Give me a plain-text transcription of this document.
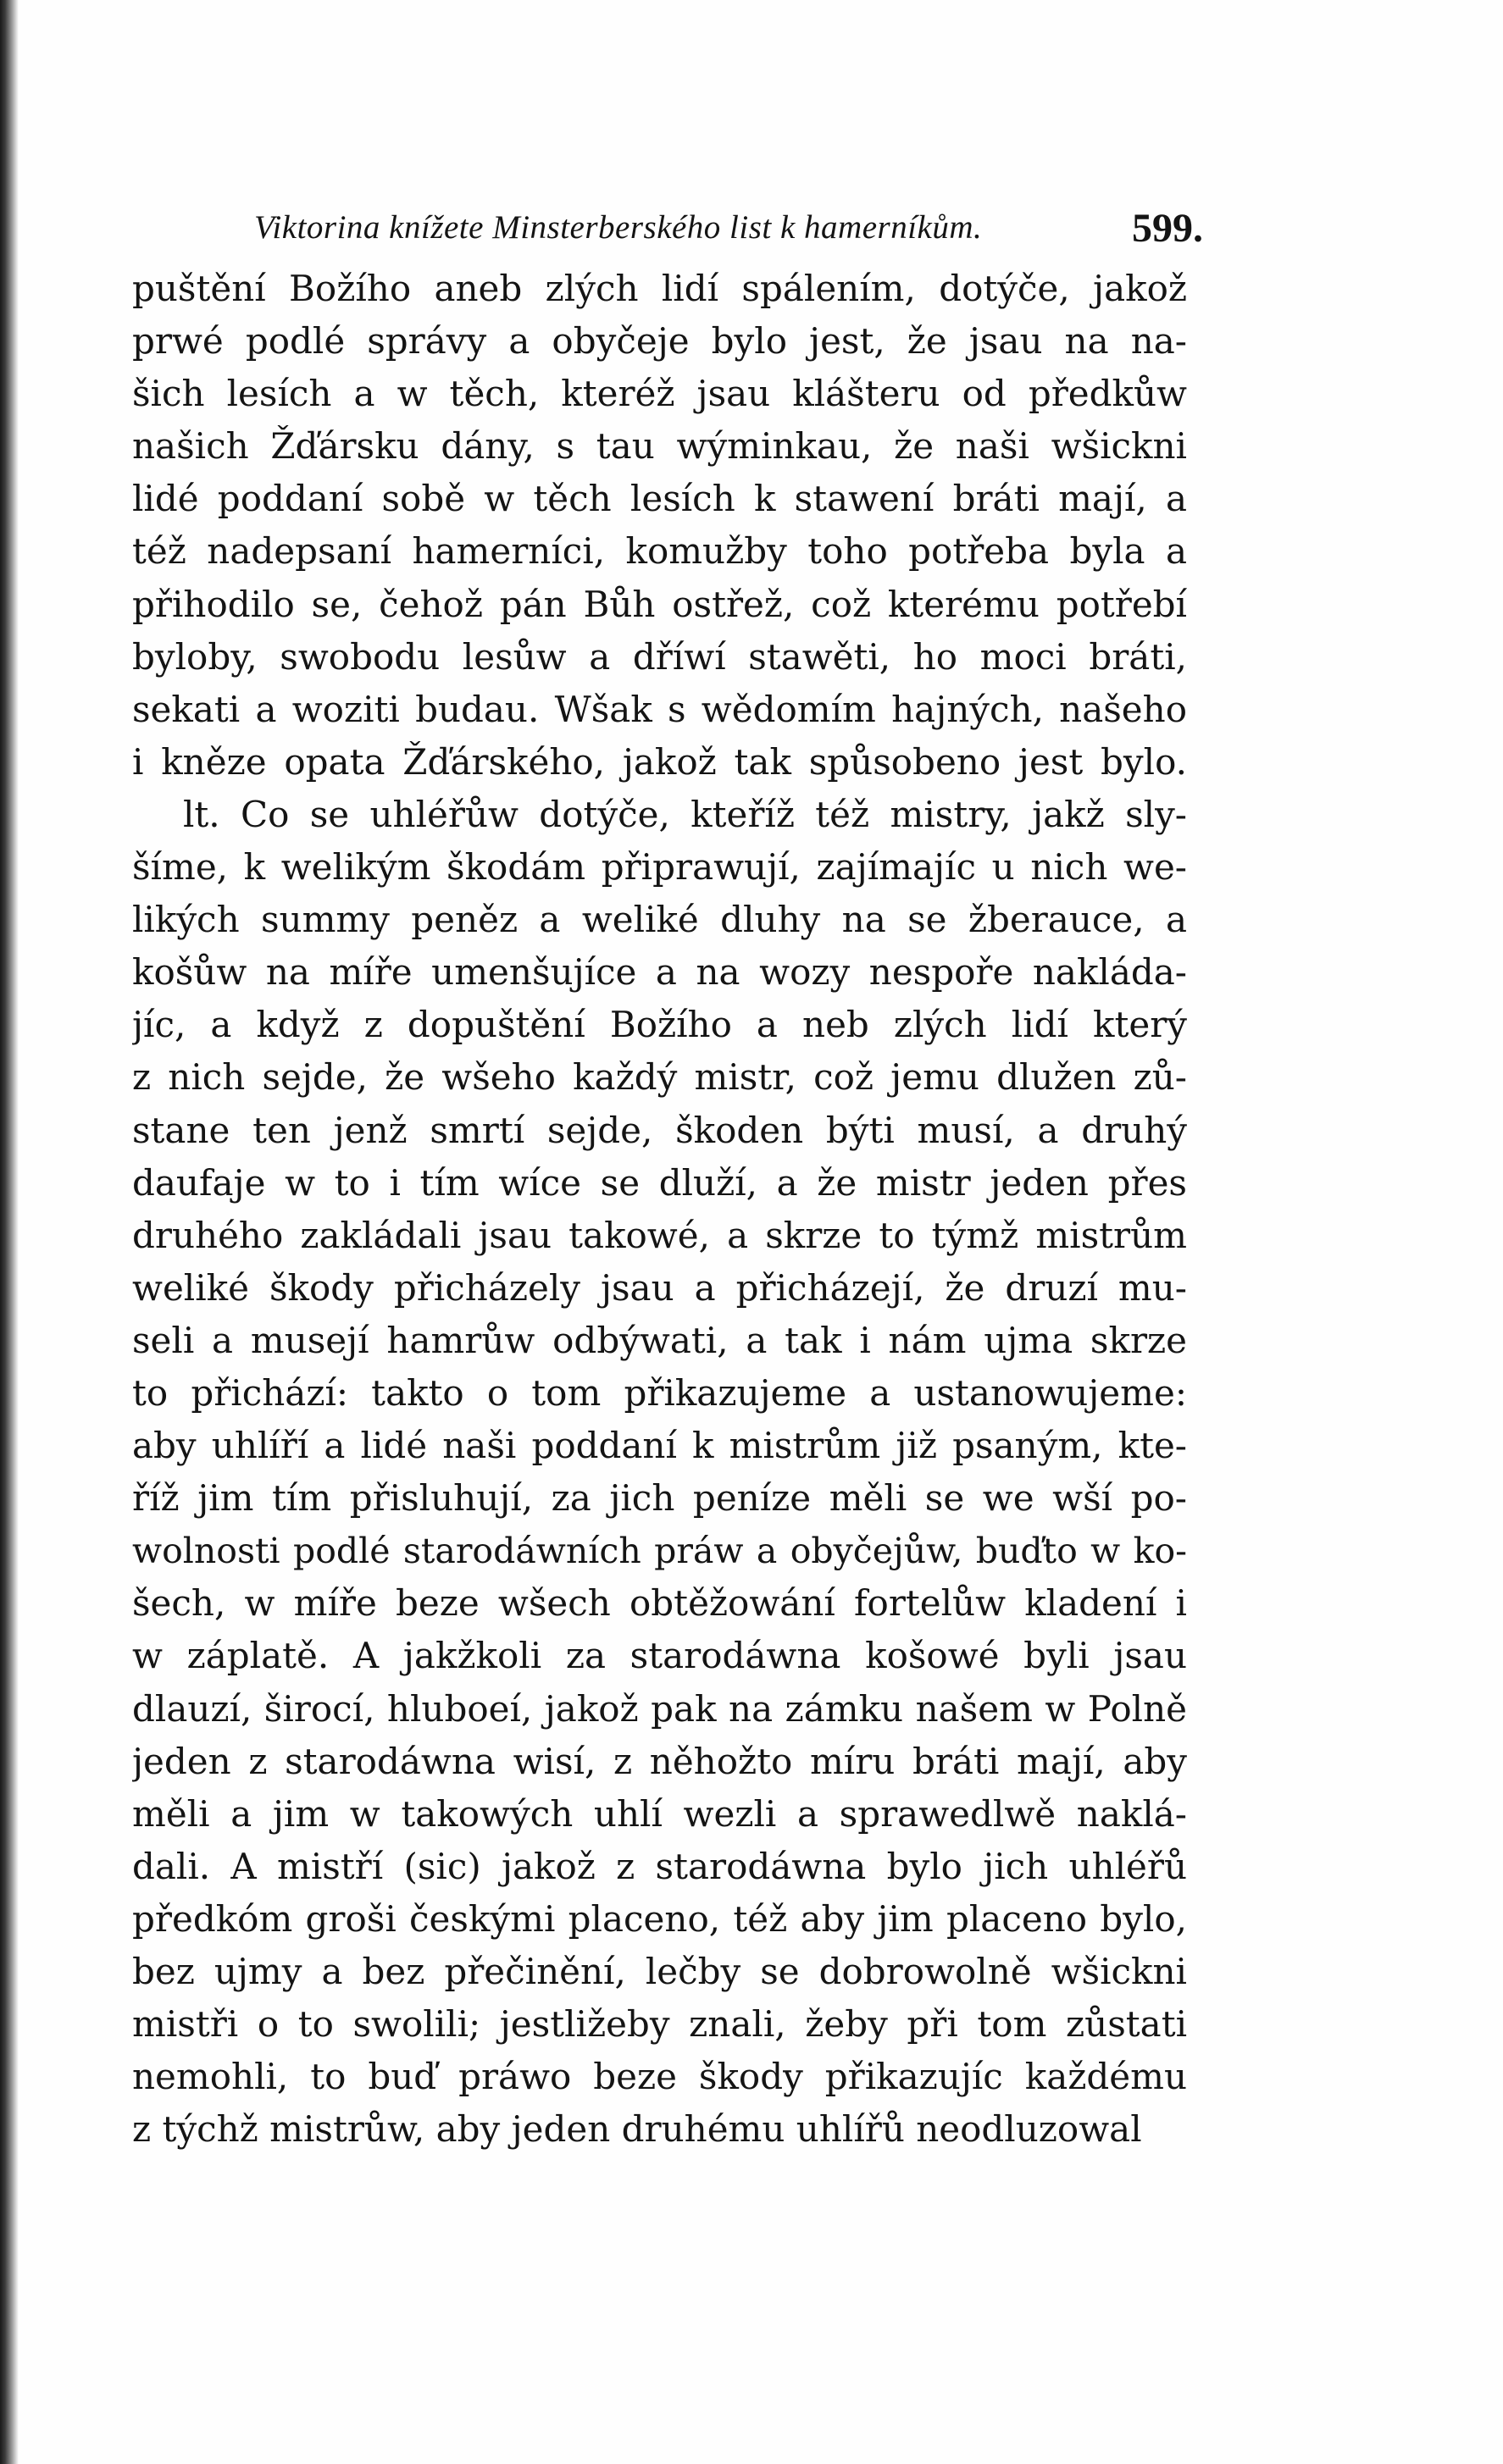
Viktorina knížete Minsterberského list k hamerníkům.	599.
puštění Božího aneb zlých lidí spálením, dotýče, jakož
prwé podlé správy a obyčeje bylo jest, že jsau na na-
šich lesích a w těch, kteréž jsau klášteru od předkůw
našich Žďársku dány, s tau wýminkau, že naši wšickni
lidé poddaní sobě w těch lesích k stawení bráti mají, a
též nadepsaní hamerníci, komužby toho potřeba byla a
přihodilo se, čehož pán Bůh ostřež, což kterému potřebí
byloby, swobodu lesůw a dříwí stawěti, ho moci bráti,
sekati a woziti budau. Wšak s wědomím hajných, našeho
i kněze opata Žďárského, jakož tak spůsobeno jest bylo.
lt. Co se uhléřůw dotýče, kteříž též mistry, jakž sly-
šíme, k welikým škodám připrawují, zajímajíc u nich we-
likých summy peněz a weliké dluhy na se žberauce, a
košůw na míře umenšujíce a na wozy nespoře nakláda-
jíc, a když z dopuštění Božího a neb zlých lidí který
z nich sejde, že wšeho každý mistr, což jemu dlužen zů-
stane ten jenž smrtí sejde, škoden býti musí, a druhý
daufaje w to i tím wíce se dluží, a že mistr jeden přes
druhého zakládali jsau takowé, a skrze to týmž mistrům
weliké škody přicházely jsau a přicházejí, že druzí mu-
seli a musejí hamrůw odbýwati, a tak i nám ujma skrze
to přichází: takto o tom přikazujeme a ustanowujeme:
aby uhlíří a lidé naši poddaní k mistrům již psaným, kte-
říž jim tím přisluhují, za jich peníze měli se we wší po-
wolnosti podlé starodáwních práw a obyčejůw, buďto w ko-
šech, w míře beze wšech obtěžowání fortelůw kladení i
w záplatě. A jakžkoli za starodáwna košowé byli jsau
dlauzí, širocí, hluboeí, jakož pak na zámku našem w Polně
jeden z starodáwna wisí, z něhožto míru bráti mají, aby
měli a jim w takowých uhlí wezli a sprawedlwě naklá-
dali. A mistří (sic) jakož z starodáwna bylo jich uhléřů
předkóm groši českými placeno, též aby jim placeno bylo,
bez ujmy a bez přečinění, lečby se dobrowolně wšickni
mistři o to swolili; jestližeby znali, žeby při tom zůstati
nemohli, to buď práwo beze škody přikazujíc každému
z týchž mistrůw, aby jeden druhému uhlířů neodluzowal
